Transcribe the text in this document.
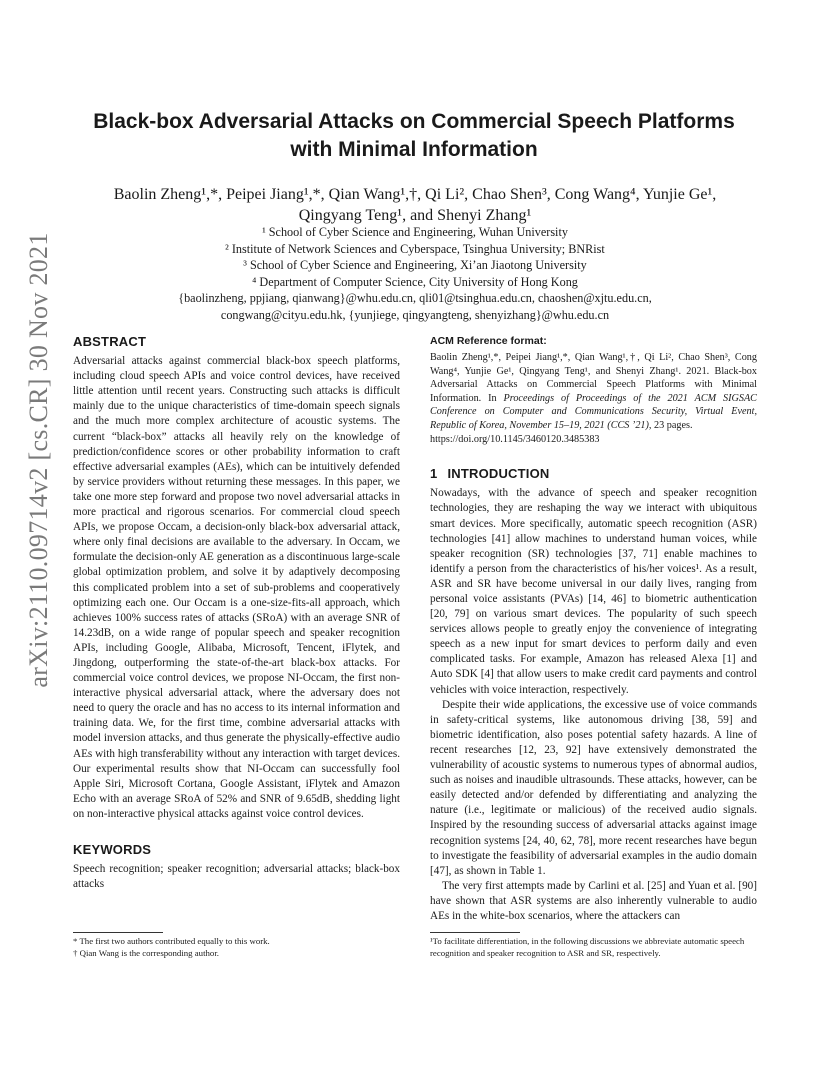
arXiv:2110.09714v2 [cs.CR] 30 Nov 2021
Black-box Adversarial Attacks on Commercial Speech Platforms
with Minimal Information
Baolin Zheng¹,*, Peipei Jiang¹,*, Qian Wang¹,†, Qi Li², Chao Shen³, Cong Wang⁴, Yunjie Ge¹,
Qingyang Teng¹, and Shenyi Zhang¹
¹ School of Cyber Science and Engineering, Wuhan University
² Institute of Network Sciences and Cyberspace, Tsinghua University; BNRist
³ School of Cyber Science and Engineering, Xi’an Jiaotong University
⁴ Department of Computer Science, City University of Hong Kong
{baolinzheng, ppjiang, qianwang}@whu.edu.cn, qli01@tsinghua.edu.cn, chaoshen@xjtu.edu.cn,
congwang@cityu.edu.hk, {yunjiege, qingyangteng, shenyizhang}@whu.edu.cn
ABSTRACT

Adversarial attacks against commercial black-box speech platforms, including cloud speech APIs and voice control devices, have received little attention until recent years. Constructing such attacks is difficult mainly due to the unique characteristics of time-domain speech signals and the much more complex architecture of acoustic systems. The current “black-box” attacks all heavily rely on the knowledge of prediction/confidence scores or other probability information to craft effective adversarial examples (AEs), which can be intuitively defended by service providers without returning these messages. In this paper, we take one more step forward and propose two novel adversarial attacks in more practical and rigorous scenarios. For commercial cloud speech APIs, we propose Occam, a decision-only black-box adversarial attack, where only final decisions are available to the adversary. In Occam, we formulate the decision-only AE generation as a discontinuous large-scale global optimization problem, and solve it by adaptively decomposing this complicated problem into a set of sub-problems and cooperatively optimizing each one. Our Occam is a one-size-fits-all approach, which achieves 100% success rates of attacks (SRoA) with an average SNR of 14.23dB, on a wide range of popular speech and speaker recognition APIs, including Google, Alibaba, Microsoft, Tencent, iFlytek, and Jingdong, outperforming the state-of-the-art black-box attacks. For commercial voice control devices, we propose NI-Occam, the first non-interactive physical adversarial attack, where the adversary does not need to query the oracle and has no access to its internal information and training data. We, for the first time, combine adversarial attacks with model inversion attacks, and thus generate the physically-effective audio AEs with high transferability without any interaction with target devices. Our experimental results show that NI-Occam can successfully fool Apple Siri, Microsoft Cortana, Google Assistant, iFlytek and Amazon Echo with an average SRoA of 52% and SNR of 9.65dB, shedding light on non-interactive physical attacks against voice control devices.

KEYWORDS

Speech recognition; speaker recognition; adversarial attacks; black-box attacks

ACM Reference format:
Baolin Zheng¹,*, Peipei Jiang¹,*, Qian Wang¹,†, Qi Li², Chao Shen³, Cong Wang⁴, Yunjie Ge¹, Qingyang Teng¹, and Shenyi Zhang¹. 2021. Black-box Adversarial Attacks on Commercial Speech Platforms with Minimal Information. In Proceedings of Proceedings of the 2021 ACM SIGSAC Conference on Computer and Communications Security, Virtual Event, Republic of Korea, November 15–19, 2021 (CCS ’21), 23 pages.
https://doi.org/10.1145/3460120.3485383
1 INTRODUCTION

Nowadays, with the advance of speech and speaker recognition technologies, they are reshaping the way we interact with ubiquitous smart devices. More specifically, automatic speech recognition (ASR) technologies [41] allow machines to understand human voices, while speaker recognition (SR) technologies [37, 71] enable machines to identify a person from the characteristics of his/her voices¹. As a result, ASR and SR have become universal in our daily lives, ranging from personal voice assistants (PVAs) [14, 46] to biometric authentication [20, 79] on various smart devices. The popularity of such speech services allows people to greatly enjoy the convenience of integrating speech as a new input for smart devices to perform daily and even complicated tasks. For example, Amazon has released Alexa [1] and Auto SDK [4] that allow users to make credit card payments and control vehicles with voice interaction, respectively.

Despite their wide applications, the excessive use of voice commands in safety-critical systems, like autonomous driving [38, 59] and biometric identification, also poses potential safety hazards. A line of recent researches [12, 23, 92] have extensively demonstrated the vulnerability of acoustic systems to numerous types of abnormal audios, such as noises and inaudible ultrasounds. These attacks, however, can be easily detected and/or defended by differentiating and analyzing the nature (i.e., legitimate or malicious) of the received audio signals. Inspired by the resounding success of adversarial attacks against image recognition systems [24, 40, 62, 78], more recent researches have begun to investigate the feasibility of adversarial examples in the audio domain [47], as shown in Table 1.

The very first attempts made by Carlini et al. [25] and Yuan et al. [90] have shown that ASR systems are also inherently vulnerable to audio AEs in the white-box scenarios, where the attackers can

* The first two authors contributed equally to this work.
† Qian Wang is the corresponding author.
¹To facilitate differentiation, in the following discussions we abbreviate automatic speech recognition and speaker recognition to ASR and SR, respectively.
